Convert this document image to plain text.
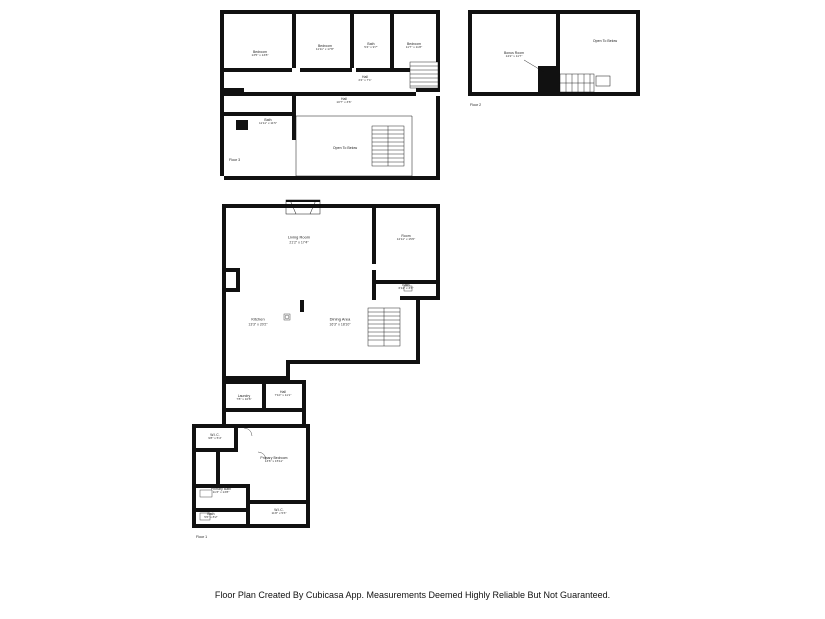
Bedroom
13'5" x 13'8"
Bedroom
11'11" x 17'8"
Bath
5'4" x 9'7"
Bedroom
11'7" x 11'8"
Hall
3'4" x 7'1"
Hall
10'7" x 3'6"
Bath
11'11" x 11'5"
Open To Below
Floor 3
Bonus Room
14'2" x 11'7"
Open To Below
Floor 2
Living Room
21'2" x 17'4"
Room
12'11" x 15'6"
Bath
6'11" x 3'3"
Kitchen
13'3" x 20'2"
Dining Area
16'3" x 18'10"
Laundry
7'8" x 10'6"
Hall
7'10" x 11'1"
W.I.C.
9'8" x 5'4"
Primary Bedroom
13'6" x 15'11"
Primary Bath
11'3" x 13'8"
Bath
5'6" x 8'2"
W.I.C.
11'8" x 5'3"
Floor 1
Floor Plan Created By Cubicasa App. Measurements Deemed Highly Reliable But Not Guaranteed.
